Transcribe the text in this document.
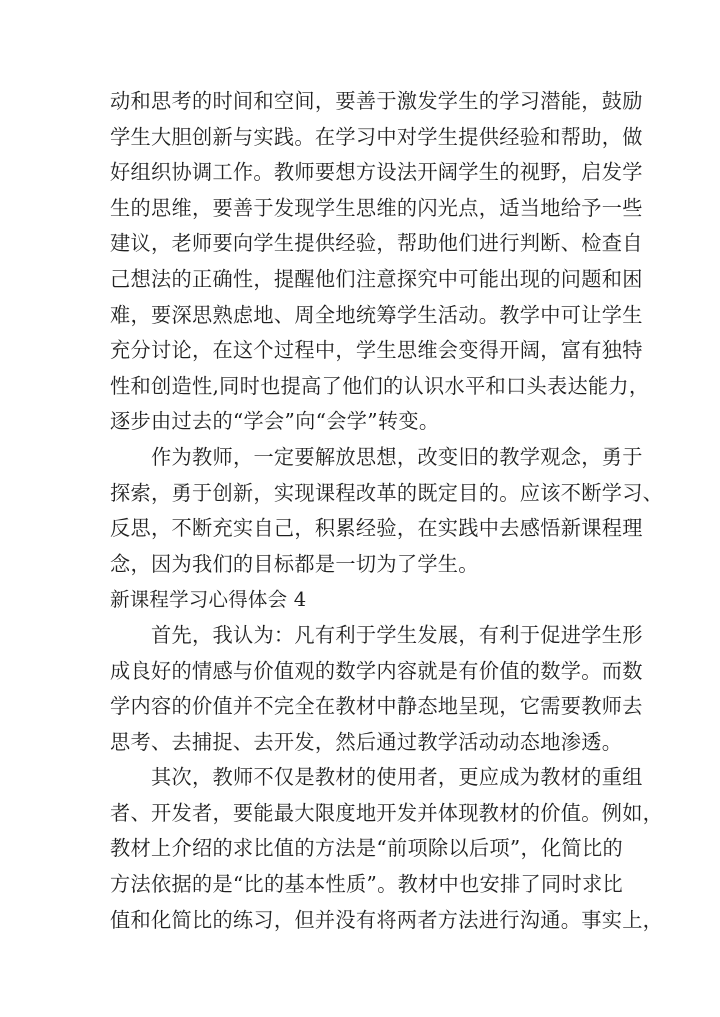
动和思考的时间和空间，要善于激发学生的学习潜能，鼓励
学生大胆创新与实践。在学习中对学生提供经验和帮助，做
好组织协调工作。教师要想方设法开阔学生的视野，启发学
生的思维，要善于发现学生思维的闪光点，适当地给予一些
建议，老师要向学生提供经验，帮助他们进行判断、检查自
己想法的正确性，提醒他们注意探究中可能出现的问题和困
难，要深思熟虑地、周全地统筹学生活动。教学中可让学生
充分讨论，在这个过程中，学生思维会变得开阔，富有独特
性和创造性,同时也提高了他们的认识水平和口头表达能力，
逐步由过去的“学会”向“会学”转变。
作为教师，一定要解放思想，改变旧的教学观念，勇于
探索，勇于创新，实现课程改革的既定目的。应该不断学习、
反思，不断充实自己，积累经验，在实践中去感悟新课程理
念，因为我们的目标都是一切为了学生。
新课程学习心得体会 4
首先，我认为：凡有利于学生发展，有利于促进学生形
成良好的情感与价值观的数学内容就是有价值的数学。而数
学内容的价值并不完全在教材中静态地呈现，它需要教师去
思考、去捕捉、去开发，然后通过教学活动动态地渗透。
其次，教师不仅是教材的使用者，更应成为教材的重组
者、开发者，要能最大限度地开发并体现教材的价值。例如，
教材上介绍的求比值的方法是“前项除以后项”，化简比的
方法依据的是“比的基本性质”。教材中也安排了同时求比
值和化简比的练习，但并没有将两者方法进行沟通。事实上，
